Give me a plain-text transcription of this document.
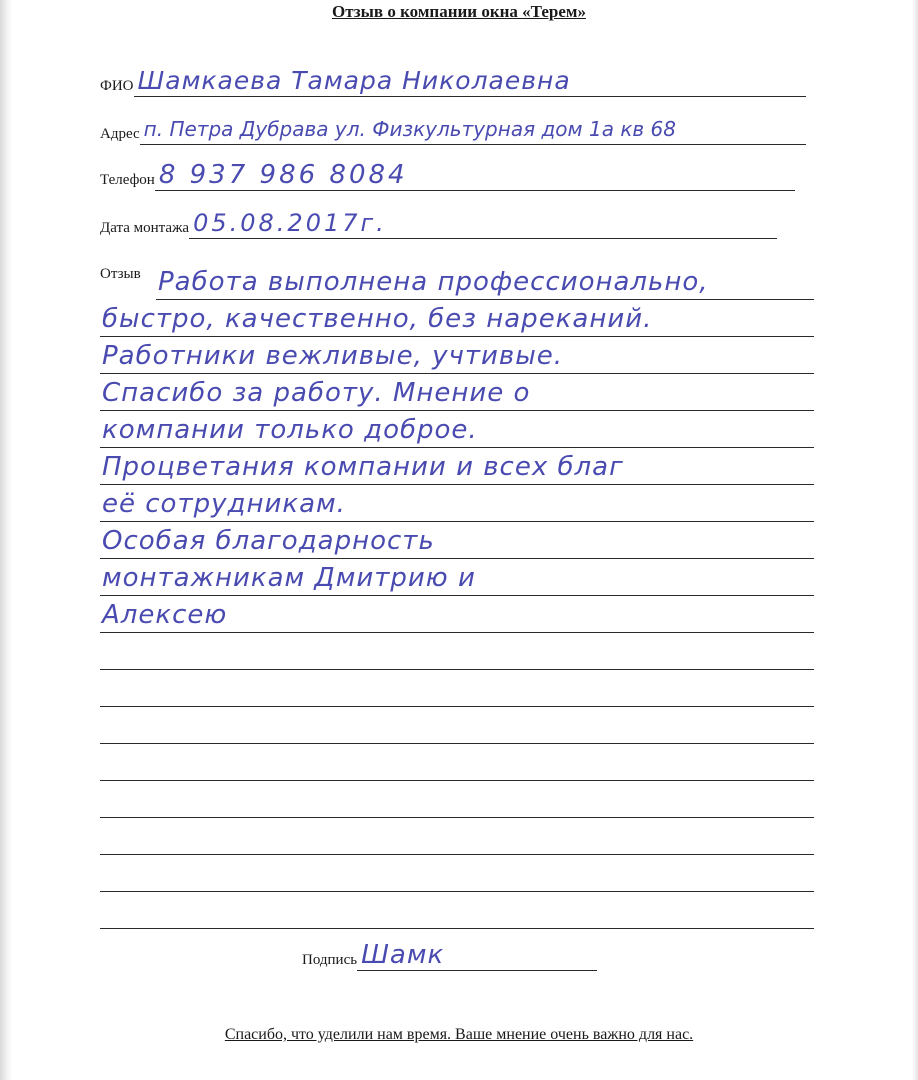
Отзыв о компании окна «Терем»
ФИО Шамкаева Тамара Николаевна
Адрес п. Петра Дубрава ул. Физкультурная дом 1а кв 68
Телефон 8 937 986 8084
Дата монтажа 05.08.2017г.
Отзыв Работа выполнена профессионально,
быстро, качественно, без нареканий.
Работники вежливые, учтивые.
Спасибо за работу. Мнение о
компании только доброе.
Процветания компании и всех благ
её сотрудникам.
Особая благодарность
монтажникам Дмитрию и
Алексею
Подпись Шамк
Спасибо, что уделили нам время. Ваше мнение очень важно для нас.
